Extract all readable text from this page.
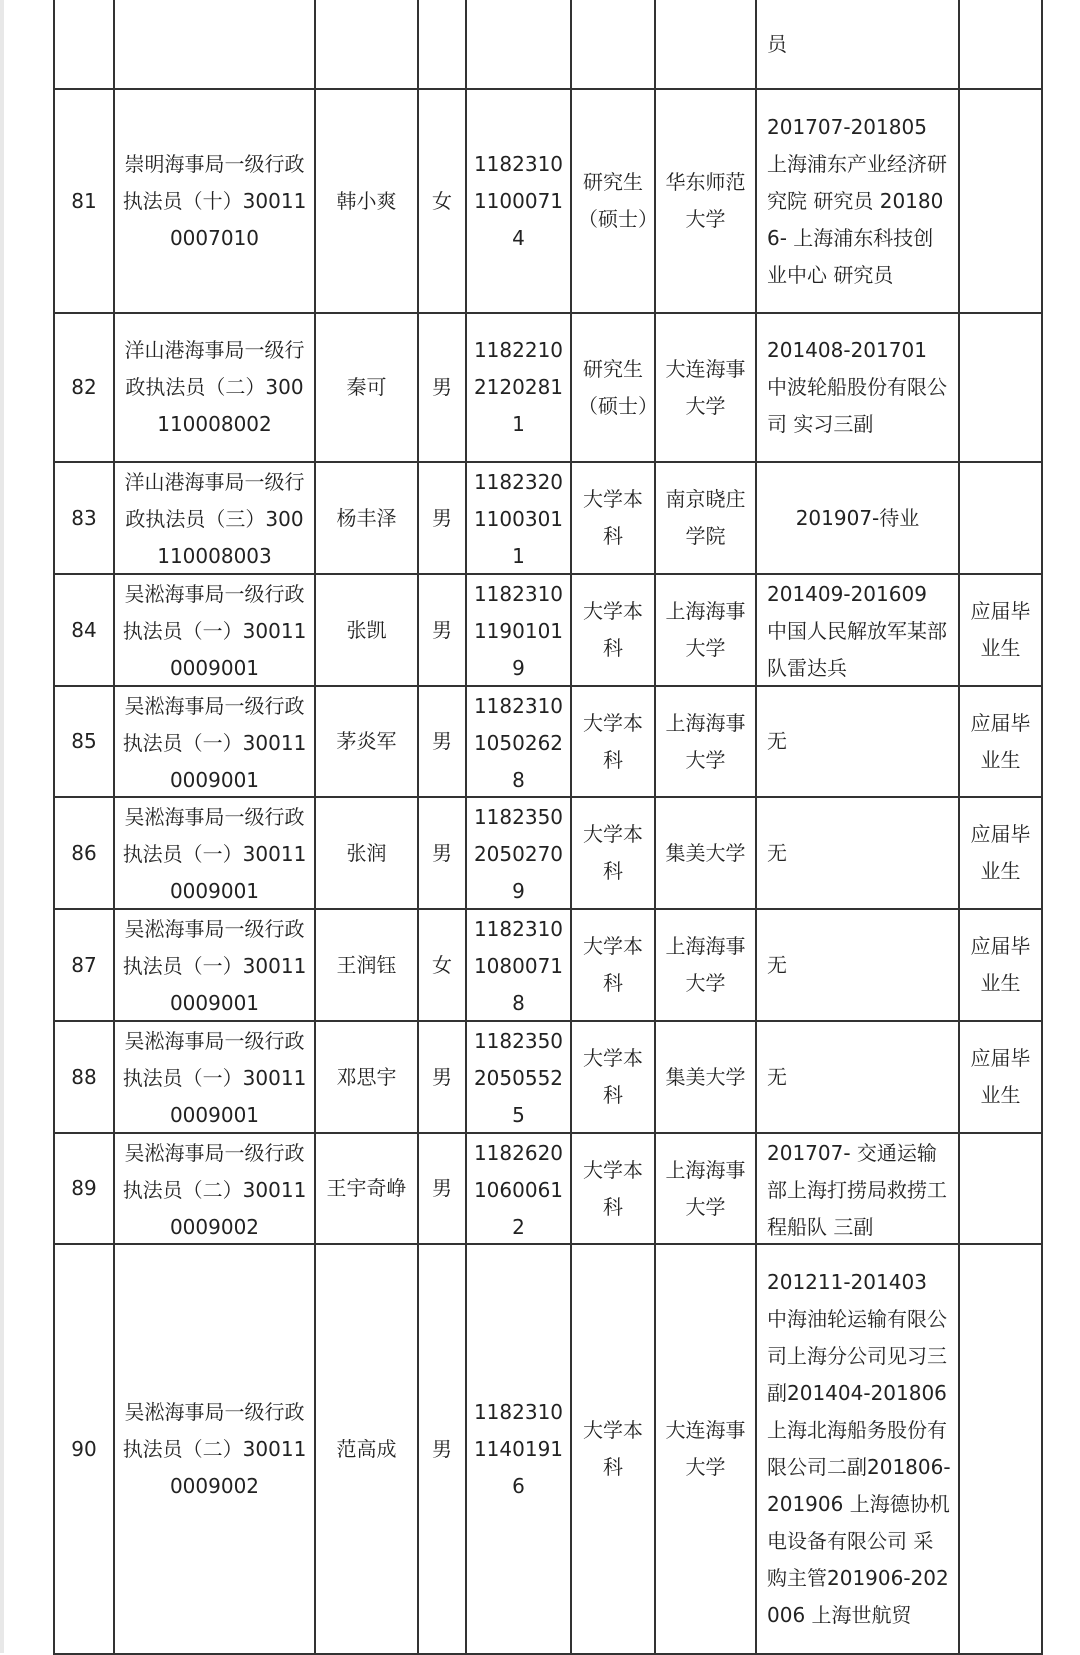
							员	

81	崇明海事局一级行政执法员（十）300110007010	韩小爽	女	118231011000714	研究生（硕士）	华东师范大学	201707-201805 上海浦东产业经济研究院 研究员 201806- 上海浦东科技创业中心 研究员	

82	洋山港海事局一级行政执法员（二）300110008002	秦可	男	118221021202811	研究生（硕士）	大连海事大学	201408-201701 中波轮船股份有限公司 实习三副	

83	洋山港海事局一级行政执法员（三）300110008003	杨丰泽	男	118232011003011	大学本科	南京晓庄学院	201907-待业	

84	吴淞海事局一级行政执法员（一）300110009001	张凯	男	118231011901019	大学本科	上海海事大学	201409-201609 中国人民解放军某部队雷达兵	应届毕业生

85	吴淞海事局一级行政执法员（一）300110009001	茅炎军	男	118231010502628	大学本科	上海海事大学	无	应届毕业生

86	吴淞海事局一级行政执法员（一）300110009001	张润	男	118235020502709	大学本科	集美大学	无	应届毕业生

87	吴淞海事局一级行政执法员（一）300110009001	王润钰	女	118231010800718	大学本科	上海海事大学	无	应届毕业生

88	吴淞海事局一级行政执法员（一）300110009001	邓思宇	男	118235020505525	大学本科	集美大学	无	应届毕业生

89	吴淞海事局一级行政执法员（二）300110009002	王宇奇峥	男	118262010600612	大学本科	上海海事大学	201707- 交通运输部上海打捞局救捞工程船队 三副	

90	吴淞海事局一级行政执法员（二）300110009002	范高成	男	118231011401916	大学本科	大连海事大学	201211-201403 中海油轮运输有限公司上海分公司见习三副201404-201806 上海北海船务股份有限公司二副201806-201906 上海德协机电设备有限公司 采购主管201906-202006 上海世航贸	
